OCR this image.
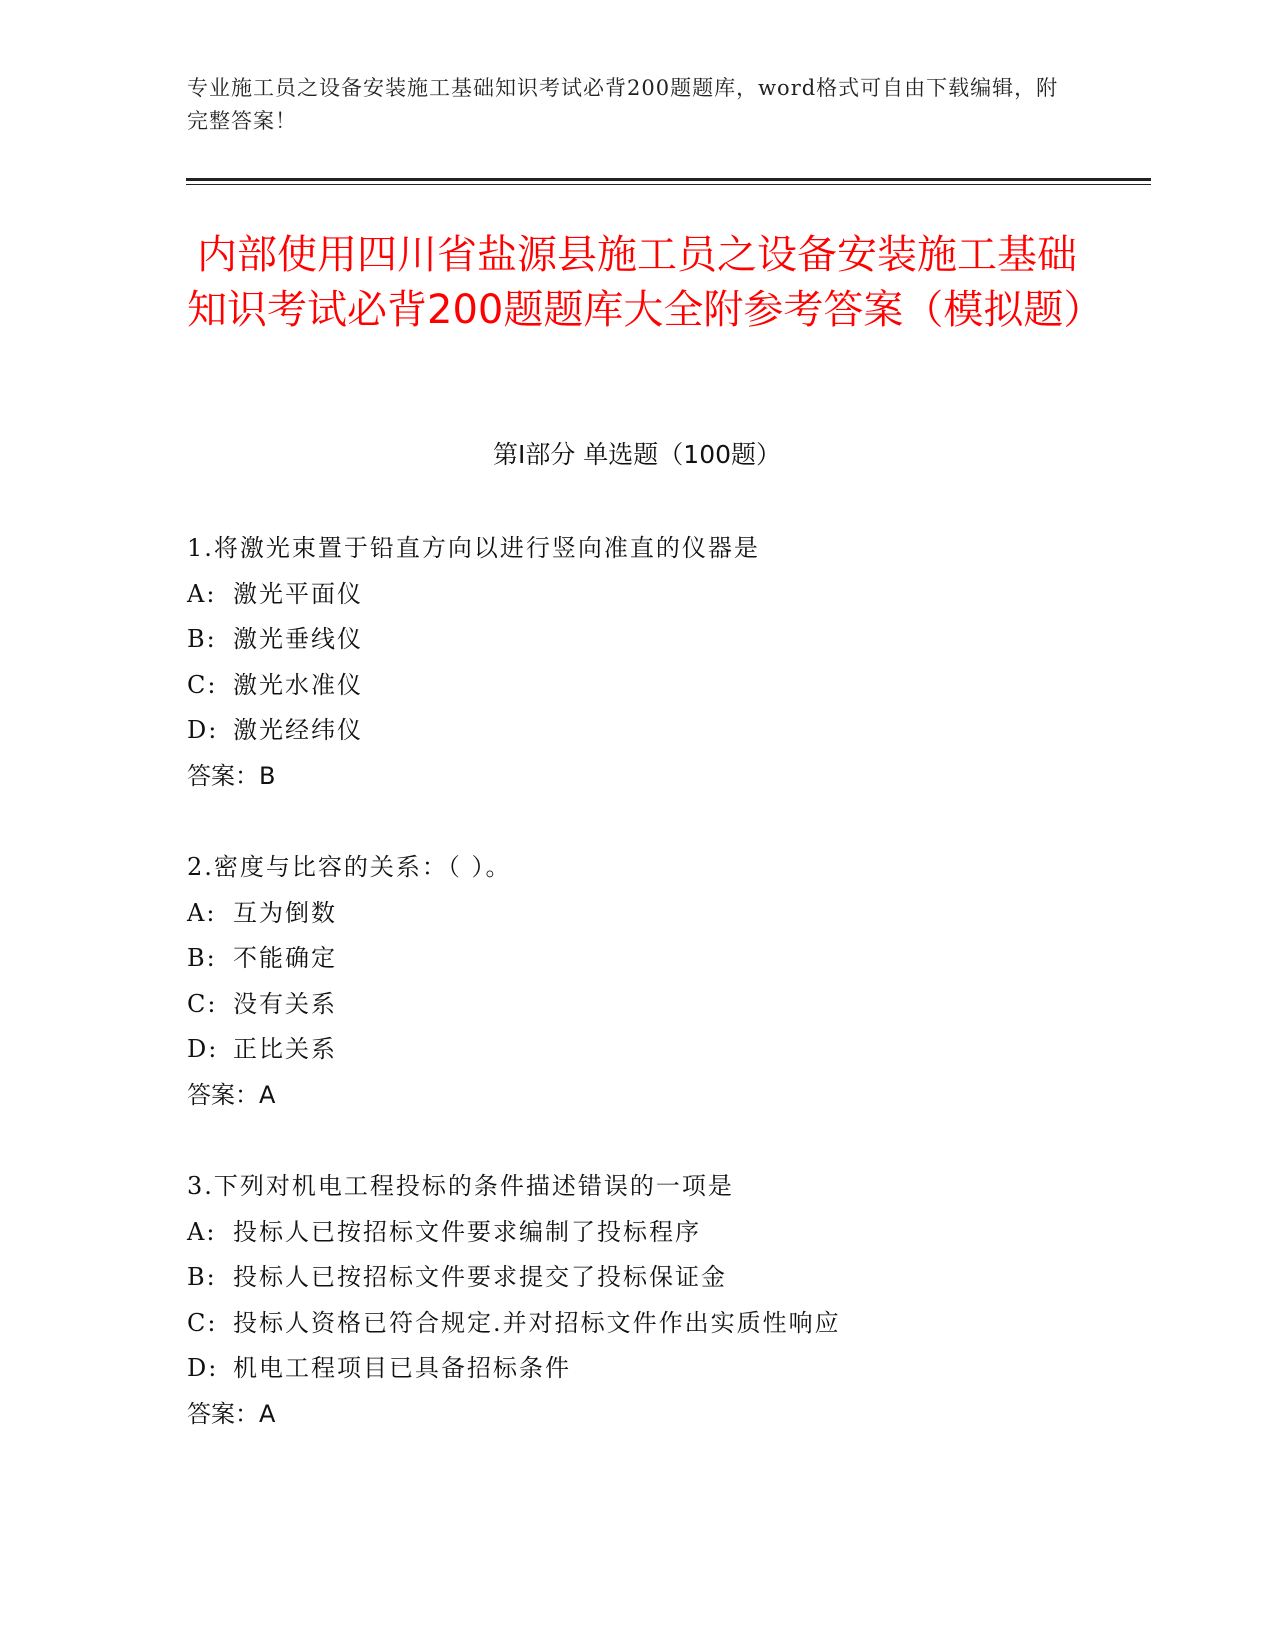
专业施工员之设备安装施工基础知识考试必背200题题库，word格式可自由下载编辑，附完整答案！
内部使用四川省盐源县施工员之设备安装施工基础知识考试必背200题题库大全附参考答案（模拟题）
第Ⅰ部分 单选题（100题）
1.将激光束置于铅直方向以进行竖向准直的仪器是
A: 激光平面仪
B: 激光垂线仪
C: 激光水准仪
D: 激光经纬仪
答案：B
2.密度与比容的关系：（ ）。
A: 互为倒数
B: 不能确定
C: 没有关系
D: 正比关系
答案：A
3.下列对机电工程投标的条件描述错误的一项是
A: 投标人已按招标文件要求编制了投标程序
B: 投标人已按招标文件要求提交了投标保证金
C: 投标人资格已符合规定.并对招标文件作出实质性响应
D: 机电工程项目已具备招标条件
答案：A
